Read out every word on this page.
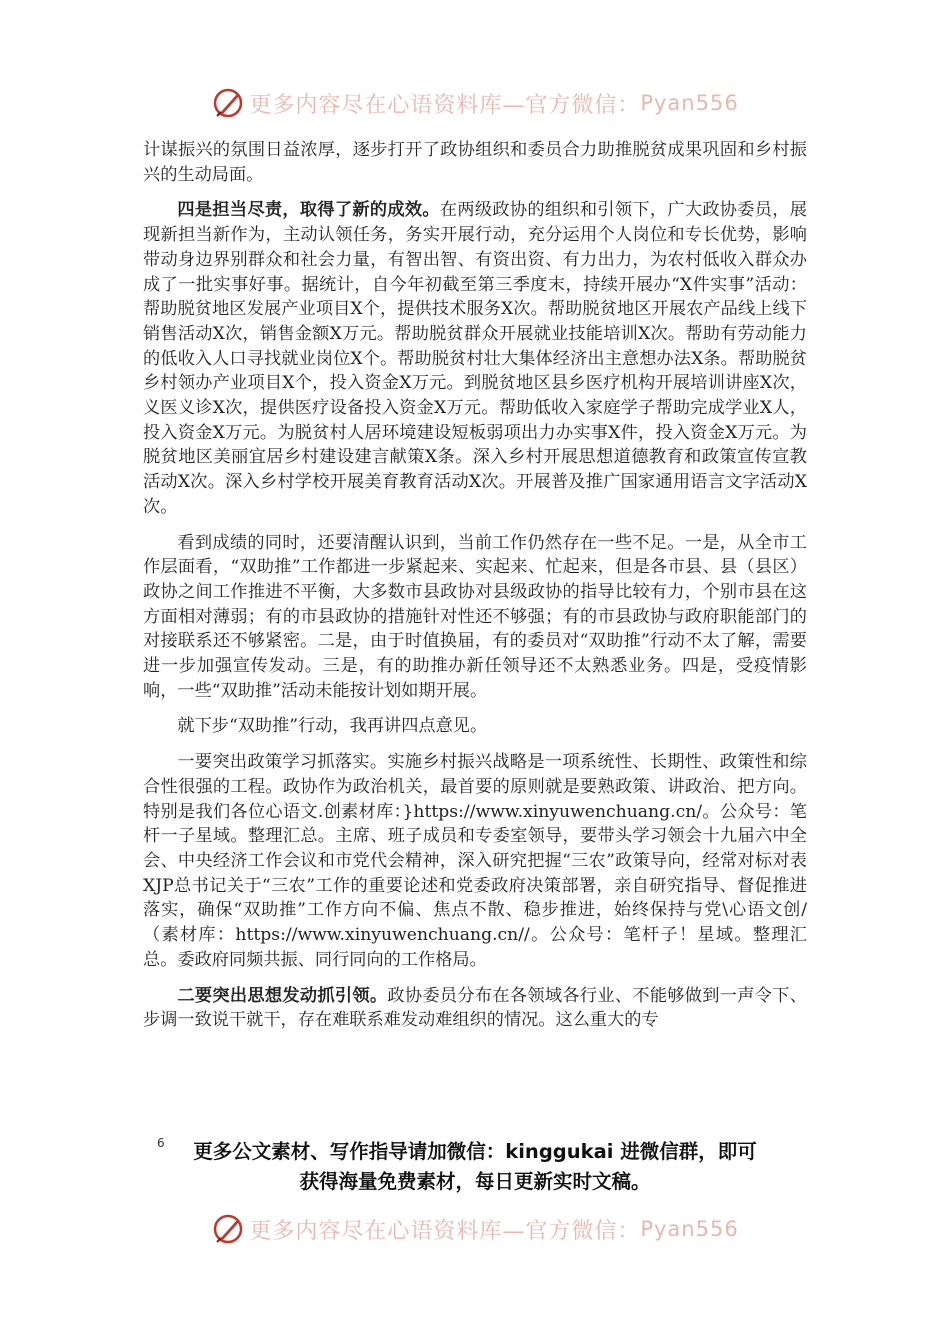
更多内容尽在心语资料库—官方微信： Pyan556

计谋振兴的氛围日益浓厚，逐步打开了政协组织和委员合力助推脱贫成果巩固和乡村振兴的生动局面。

四是担当尽责，取得了新的成效。在两级政协的组织和引领下，广大政协委员，展现新担当新作为，主动认领任务，务实开展行动，充分运用个人岗位和专长优势，影响带动身边界别群众和社会力量，有智出智、有资出资、有力出力，为农村低收入群众办成了一批实事好事。据统计，自今年初截至第三季度末，持续开展办“X件实事”活动：帮助脱贫地区发展产业项目X个，提供技术服务X次。帮助脱贫地区开展农产品线上线下销售活动X次，销售金额X万元。帮助脱贫群众开展就业技能培训X次。帮助有劳动能力的低收入人口寻找就业岗位X个。帮助脱贫村壮大集体经济出主意想办法X条。帮助脱贫乡村领办产业项目X个，投入资金X万元。到脱贫地区县乡医疗机构开展培训讲座X次，义医义诊X次，提供医疗设备投入资金X万元。帮助低收入家庭学子帮助完成学业X人，投入资金X万元。为脱贫村人居环境建设短板弱项出力办实事X件，投入资金X万元。为脱贫地区美丽宜居乡村建设建言献策X条。深入乡村开展思想道德教育和政策宣传宣教活动X次。深入乡村学校开展美育教育活动X次。开展普及推广国家通用语言文字活动X次。

看到成绩的同时，还要清醒认识到，当前工作仍然存在一些不足。一是，从全市工作层面看，“双助推”工作都进一步紧起来、实起来、忙起来，但是各市县、县（县区）政协之间工作推进不平衡，大多数市县政协对县级政协的指导比较有力，个别市县在这方面相对薄弱；有的市县政协的措施针对性还不够强；有的市县政协与政府职能部门的对接联系还不够紧密。二是，由于时值换届，有的委员对“双助推”行动不太了解，需要进一步加强宣传发动。三是，有的助推办新任领导还不太熟悉业务。四是，受疫情影响，一些“双助推”活动未能按计划如期开展。

就下步“双助推”行动，我再讲四点意见。

一要突出政策学习抓落实。实施乡村振兴战略是一项系统性、长期性、政策性和综合性很强的工程。政协作为政治机关，最首要的原则就是要熟政策、讲政治、把方向。特别是我们各位心语文.创素材库：}https://www.xinyuwenchuang.cn/。公众号：笔杆一子星域。整理汇总。主席、班子成员和专委室领导，要带头学习领会十九届六中全会、中央经济工作会议和市党代会精神，深入研究把握“三农”政策导向，经常对标对表XJP总书记关于“三农”工作的重要论述和党委政府决策部署，亲自研究指导、督促推进落实，确保“双助推”工作方向不偏、焦点不散、稳步推进，始终保持与党\心语文创/（素材库：https://www.xinyuwenchuang.cn//。公众号：笔杆子！星域。整理汇总。委政府同频共振、同行同向的工作格局。

二要突出思想发动抓引领。政协委员分布在各领域各行业、不能够做到一声令下、步调一致说干就干，存在难联系难发动难组织的情况。这么重大的专

6	更多公文素材、写作指导请加微信：kinggukai 进微信群，即可
获得海量免费素材，每日更新实时文稿。
更多内容尽在心语资料库—官方微信： Pyan556
